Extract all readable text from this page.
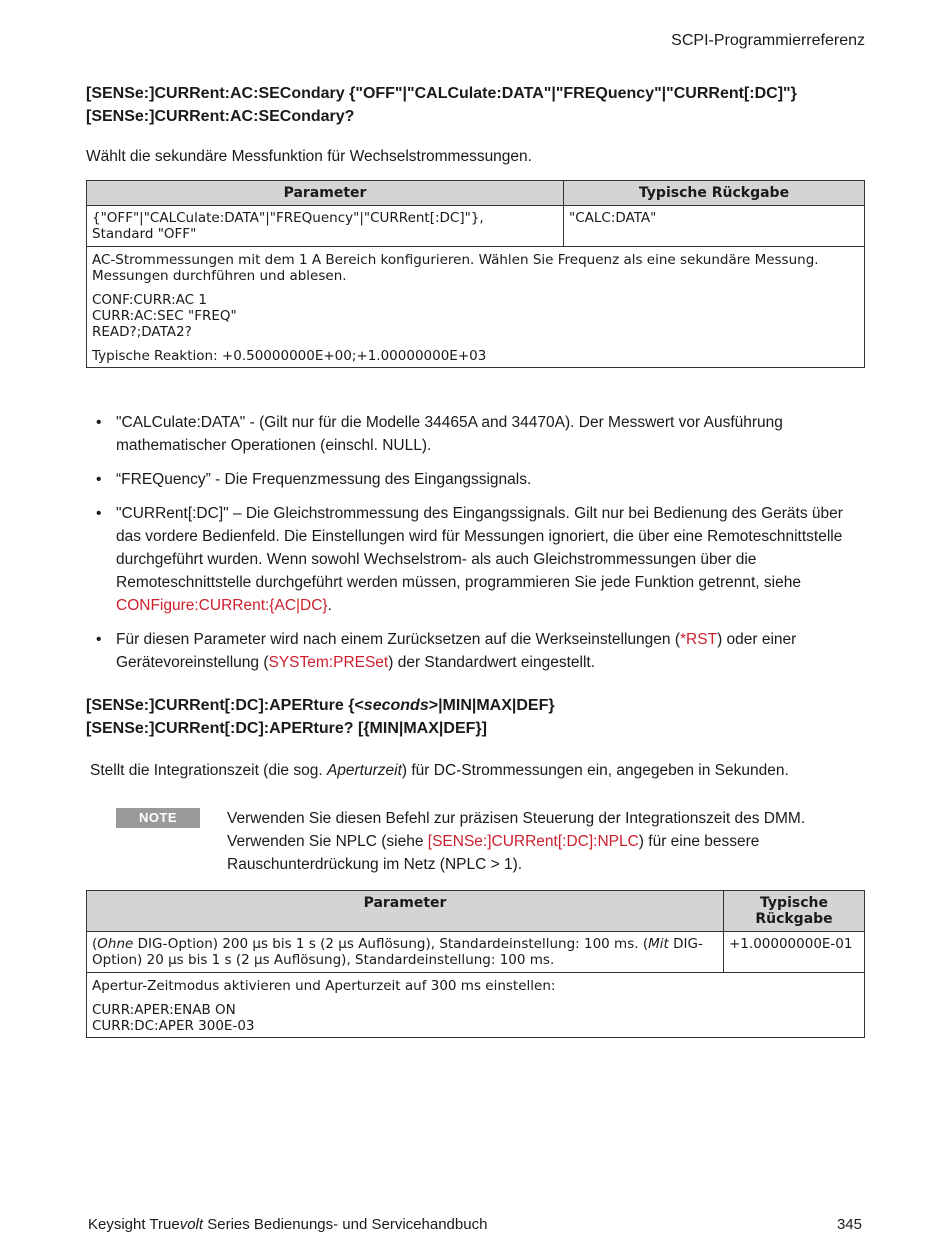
SCPI-Programmierreferenz
[SENSe:]CURRent:AC:SECondary {"OFF"|"CALCulate:DATA"|"FREQuency"|"CURRent[:DC]"}
[SENSe:]CURRent:AC:SECondary?
Wählt die sekundäre Messfunktion für Wechselstrommessungen.
Parameter	Typische Rückgabe

{"OFF"|"CALCulate:DATA"|"FREQuency"|"CURRent[:DC]"},
Standard "OFF"	"CALC:DATA"

AC-Strommessungen mit dem 1 A Bereich konfigurieren. Wählen Sie Frequenz als eine sekundäre Messung. Messungen durchführen und ablesen.

CONF:CURR:AC 1
CURR:AC:SEC "FREQ"
READ?;DATA2?

Typische Reaktion: +0.50000000E+00;+1.00000000E+03	

• "CALCulate:DATA" - (Gilt nur für die Modelle 34465A and 34470A). Der Messwert vor Ausführung mathematischer Operationen (einschl. NULL).
• “FREQuency” - Die Frequenzmessung des Eingangssignals.
• "CURRent[:DC]" – Die Gleichstrommessung des Eingangssignals. Gilt nur bei Bedienung des Geräts über das vordere Bedienfeld. Die Einstellungen wird für Messungen ignoriert, die über eine Remoteschnittstelle durchgeführt wurden. Wenn sowohl Wechselstrom- als auch Gleichstrommessungen über die Remoteschnittstelle durchgeführt werden müssen, programmieren Sie jede Funktion getrennt, siehe CONFigure:CURRent:{AC|DC}.
• Für diesen Parameter wird nach einem Zurücksetzen auf die Werkseinstellungen (*RST) oder einer Gerätevoreinstellung (SYSTem:PRESet) der Standardwert eingestellt.
[SENSe:]CURRent[:DC]:APERture {<seconds>|MIN|MAX|DEF}
[SENSe:]CURRent[:DC]:APERture? [{MIN|MAX|DEF}]
Stellt die Integrationszeit (die sog. Aperturzeit) für DC-Strommessungen ein, angegeben in Sekunden.
NOTE	Verwenden Sie diesen Befehl zur präzisen Steuerung der Integrationszeit des DMM. Verwenden Sie NPLC (siehe [SENSe:]CURRent[:DC]:NPLC) für eine bessere Rauschunterdrückung im Netz (NPLC > 1).
Parameter	Typische Rückgabe
(Ohne DIG-Option) 200 µs bis 1 s (2 µs Auflösung), Standardeinstellung: 100 ms. (Mit DIG-Option) 20 µs bis 1 s (2 µs Auflösung), Standardeinstellung: 100 ms.	+1.00000000E-01

Apertur-Zeitmodus aktivieren und Aperturzeit auf 300 ms einstellen:

CURR:APER:ENAB ON
CURR:DC:APER 300E-03	

Keysight Truevolt Series Bedienungs- und Servicehandbuch	345
